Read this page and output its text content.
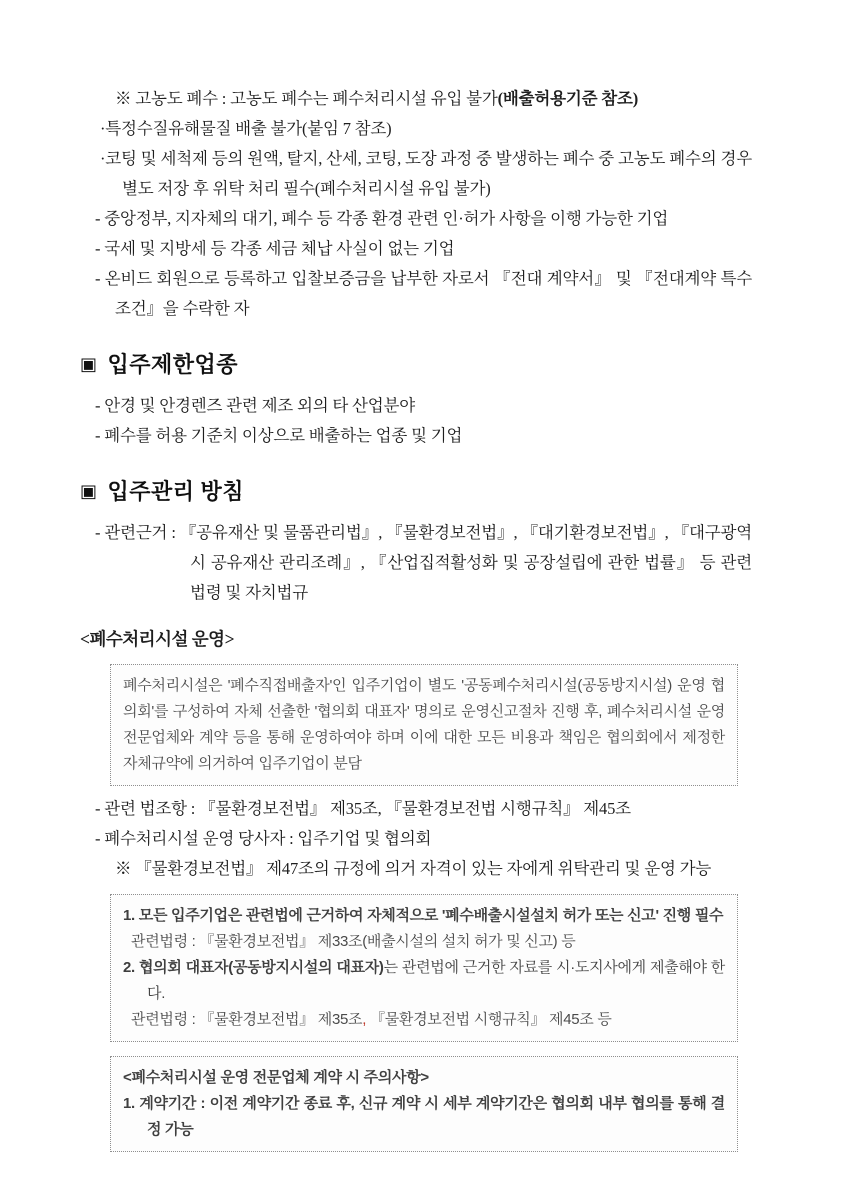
※ 고농도 폐수 : 고농도 폐수는 폐수처리시설 유입 불가(배출허용기준 참조)

·특정수질유해물질 배출 불가(붙임 7 참조)

·코팅 및 세척제 등의 원액, 탈지, 산세, 코팅, 도장 과정 중 발생하는 폐수 중 고농도 폐수의 경우 별도 저장 후 위탁 처리 필수(폐수처리시설 유입 불가)

- 중앙정부, 지자체의 대기, 폐수 등 각종 환경 관련 인·허가 사항을 이행 가능한 기업

- 국세 및 지방세 등 각종 세금 체납 사실이 없는 기업

- 온비드 회원으로 등록하고 입찰보증금을 납부한 자로서 『전대 계약서』 및 『전대계약 특수조건』을 수락한 자

▣ 입주제한업종

- 안경 및 안경렌즈 관련 제조 외의 타 산업분야

- 폐수를 허용 기준치 이상으로 배출하는 업종 및 기업

▣ 입주관리 방침

- 관련근거 : 『공유재산 및 물품관리법』, 『물환경보전법』, 『대기환경보전법』, 『대구광역시 공유재산 관리조례』, 『산업집적활성화 및 공장설립에 관한 법률』 등 관련 법령 및 자치법규

<폐수처리시설 운영>

폐수처리시설은 '폐수직접배출자'인 입주기업이 별도 '공동폐수처리시설(공동방지시설) 운영 협의회'를 구성하여 자체 선출한 '협의회 대표자' 명의로 운영신고절차 진행 후, 폐수처리시설 운영 전문업체와 계약 등을 통해 운영하여야 하며 이에 대한 모든 비용과 책임은 협의회에서 제정한 자체규약에 의거하여 입주기업이 분담

- 관련 법조항 : 『물환경보전법』 제35조, 『물환경보전법 시행규칙』 제45조

- 폐수처리시설 운영 당사자 : 입주기업 및 협의회

※ 『물환경보전법』 제47조의 규정에 의거 자격이 있는 자에게 위탁관리 및 운영 가능

1. 모든 입주기업은 관련법에 근거하여 자체적으로 '폐수배출시설설치 허가 또는 신고' 진행 필수

관련법령 : 『물환경보전법』 제33조(배출시설의 설치 허가 및 신고) 등

2. 협의회 대표자(공동방지시설의 대표자)는 관련법에 근거한 자료를 시·도지사에게 제출해야 한다.

관련법령 : 『물환경보전법』 제35조, 『물환경보전법 시행규칙』 제45조 등

<폐수처리시설 운영 전문업체 계약 시 주의사항>

1. 계약기간 : 이전 계약기간 종료 후, 신규 계약 시 세부 계약기간은 협의회 내부 협의를 통해 결정 가능
